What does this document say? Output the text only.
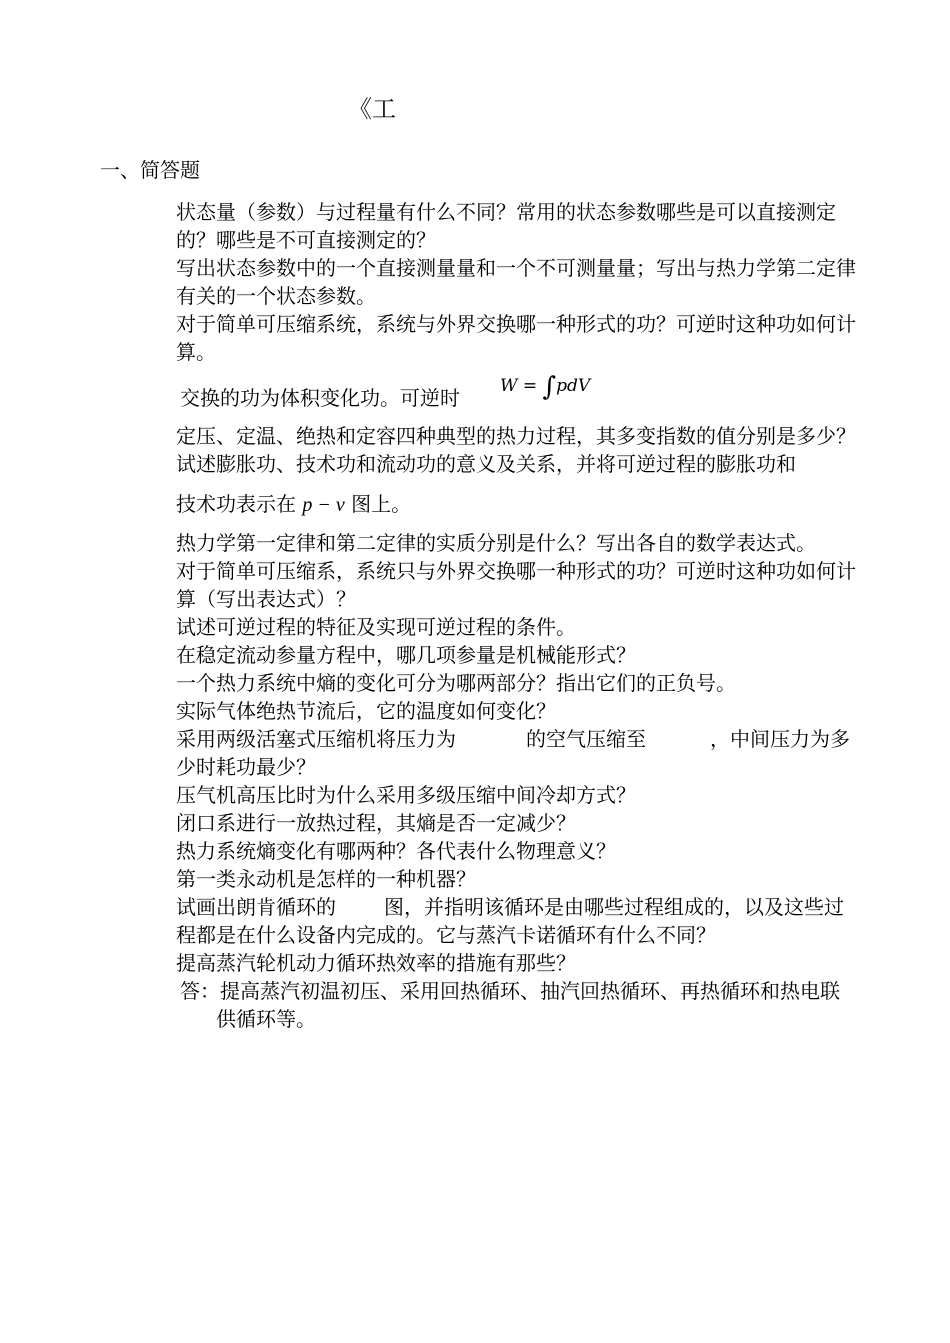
《工
一、简答题

状态量（参数）与过程量有什么不同？常用的状态参数哪些是可以直接测定的？哪些是不可直接测定的？

写出状态参数中的一个直接测量量和一个不可测量量；写出与热力学第二定律有关的一个状态参数。

对于简单可压缩系统，系统与外界交换哪一种形式的功？可逆时这种功如何计算。

交换的功为体积变化功。可逆时 W = ∫pdV

定压、定温、绝热和定容四种典型的热力过程，其多变指数的值分别是多少？

试述膨胀功、技术功和流动功的意义及关系，并将可逆过程的膨胀功和

技术功表示在 p − v 图上。

热力学第一定律和第二定律的实质分别是什么？写出各自的数学表达式。

对于简单可压缩系，系统只与外界交换哪一种形式的功？可逆时这种功如何计算（写出表达式）？

试述可逆过程的特征及实现可逆过程的条件。

在稳定流动参量方程中，哪几项参量是机械能形式？

一个热力系统中熵的变化可分为哪两部分？指出它们的正负号。

实际气体绝热节流后，它的温度如何变化？

采用两级活塞式压缩机将压力为	的空气压缩至	，中间压力为多少时耗功最少？

压气机高压比时为什么采用多级压缩中间冷却方式？

闭口系进行一放热过程，其熵是否一定减少？

热力系统熵变化有哪两种？各代表什么物理意义？

第一类永动机是怎样的一种机器？

试画出朗肯循环的 图，并指明该循环是由哪些过程组成的，以及这些过程都是在什么设备内完成的。它与蒸汽卡诺循环有什么不同？

提高蒸汽轮机动力循环热效率的措施有那些？

答：提高蒸汽初温初压、采用回热循环、抽汽回热循环、再热循环和热电联供循环等。
